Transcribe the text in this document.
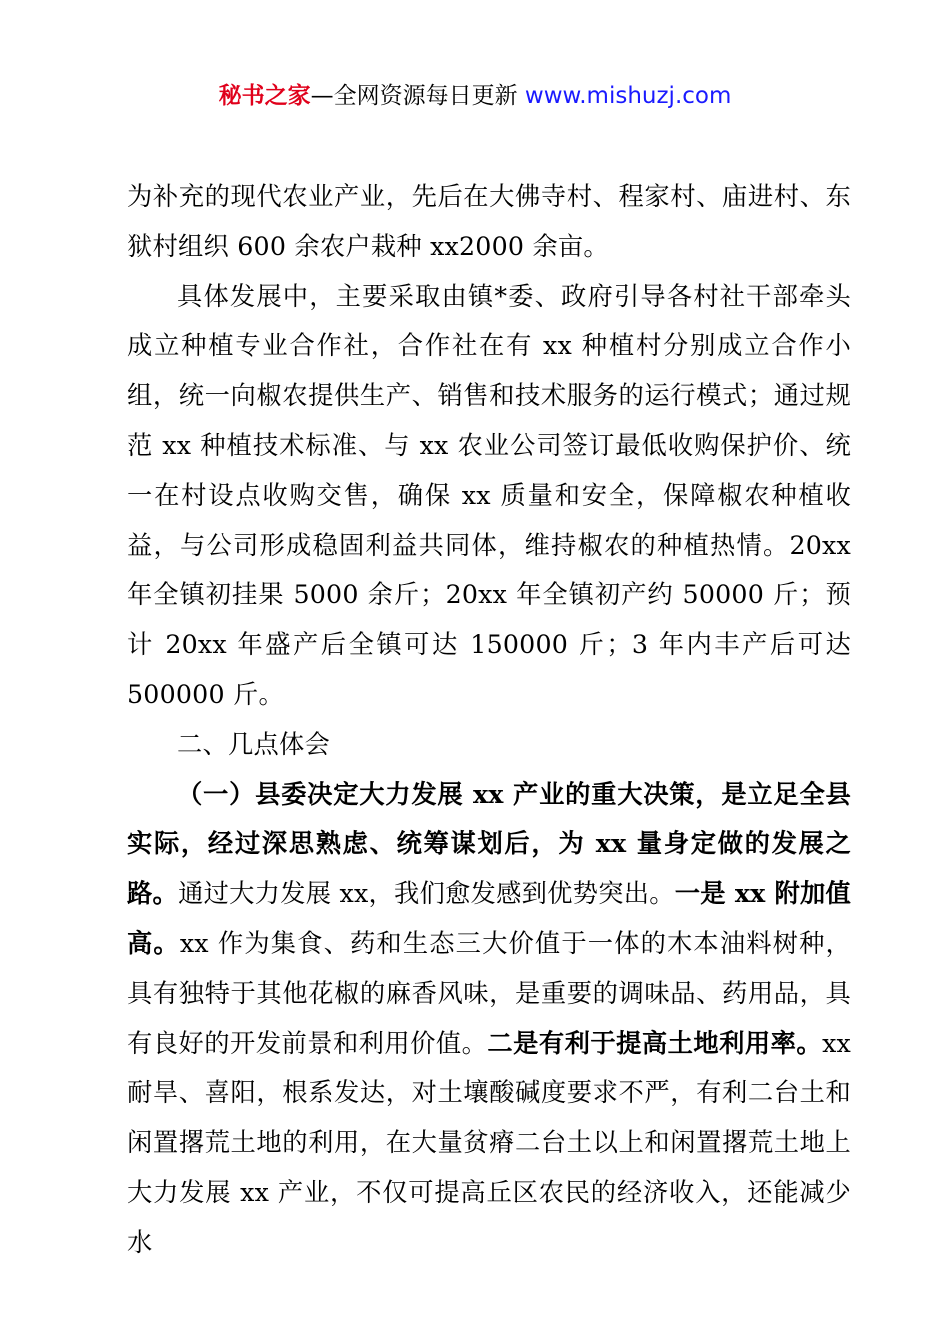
秘书之家—全网资源每日更新 www.mishuzj.com

为补充的现代农业产业，先后在大佛寺村、程家村、庙进村、东狱村组织 600 余农户栽种 xx2000 余亩。

具体发展中，主要采取由镇*委、政府引导各村社干部牵头成立种植专业合作社，合作社在有 xx 种植村分别成立合作小组，统一向椒农提供生产、销售和技术服务的运行模式；通过规范 xx 种植技术标准、与 xx 农业公司签订最低收购保护价、统一在村设点收购交售，确保 xx 质量和安全，保障椒农种植收益，与公司形成稳固利益共同体，维持椒农的种植热情。20xx 年全镇初挂果 5000 余斤；20xx 年全镇初产约 50000 斤；预计 20xx 年盛产后全镇可达 150000 斤；3 年内丰产后可达 500000 斤。

二、几点体会

（一）县委决定大力发展 xx 产业的重大决策，是立足全县实际，经过深思熟虑、统筹谋划后，为 xx 量身定做的发展之路。通过大力发展 xx，我们愈发感到优势突出。一是 xx 附加值高。xx 作为集食、药和生态三大价值于一体的木本油料树种，具有独特于其他花椒的麻香风味，是重要的调味品、药用品，具有良好的开发前景和利用价值。二是有利于提高土地利用率。xx 耐旱、喜阳，根系发达，对土壤酸碱度要求不严，有利二台土和闲置撂荒土地的利用，在大量贫瘠二台土以上和闲置撂荒土地上大力发展 xx 产业，不仅可提高丘区农民的经济收入，还能减少水
